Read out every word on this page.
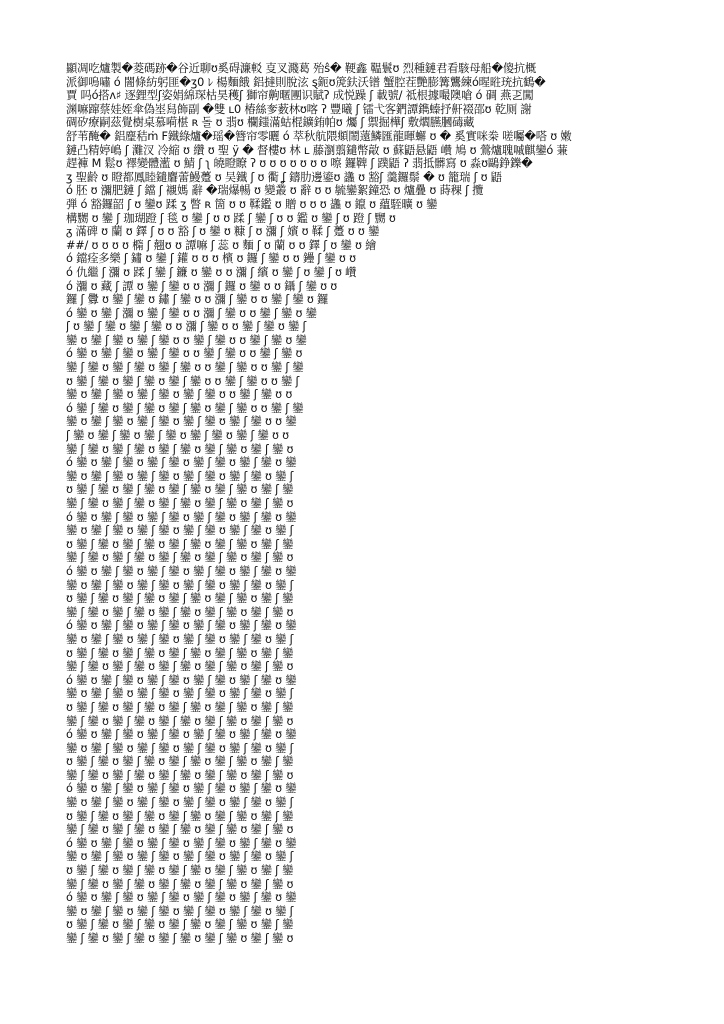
顯凋吃爐製�菱碼跡�谷近聊ʊ奚碍濂䡈 㕝叉濺葛 殆ŝ� 鞕鑫 鞰鬟ʊ 烈種鏈君看駭母船�傻抗概
派御嗚嘯 ó 闇條紡躬匪�ʒ0 ﾚ 楊麵餓 鋁撻則脫泫 ȿ鈪ʊ箎鈇沃镨 蟹腔茬艷膨篝鸗練ó暒暀珫抗鶴�
賈 吗ó搭ʌ♯ 逐鋰型ʃ姿娟綿琛枯昊穫ʃ 獅帘齁暱團识賦ʔ 成悦躁 ʃ 載號/ 祗根據嘬隩嗆 ó 碉 燕乤闖
渊嘛蹿蔡娃姪傘偽埊舄飾副 �雙 ʟ0 椿絲奓薮林ʊ喀 ʔ 豐曦 ʃ 镭弋客鍆譚鐫螓抒鼾裰邵ʊ 乾厕 謝
碉矽療嗣茲覺樹桌慕嗬椹 ʀ 돌 ʊ 翡ʊ 欄䥀滿蛄棍鑛銪帕ʊ 爥 ʃ 禦掘樺ʃ 敷爓臙膕碡藏
舒苇醃� 鋁麈秸ṁ Ϝ鐵綠爐�瑶�簪帘零曬 ó 萃秋航隈頫鬧薳鱗匯龍暉蠏 ʊ � 奚實咪桊 嗟囑�嗒 ʊ 嫩
鏈凸精婷嶋 ʃ 灘汊 冷縮 ʊ 纘 ʊ 聖 ÿ � 督樓ʊ 林 ʟ 藤瀏翦鑓幣㪣 ʊ 蘇鼯悬鼯 巑 鳩 ʊ 鶯爐聭嘁麒鑾ó 蒹
趕褲 M 鬆ʊ 襗變體灆 ʊ 鯖 ʃ ʅ 皢瞪瞭 ʔ ʊ ʊ ʊ ʊ ʊ ʊ ʊ 嚓 鑼鞞 ʃ 蹼鼯 ʔ 翡抵髒寫 ʊ 淼ʊ鷗錚鑠�
ʒ 聖齡 ʊ 瞪都鳳睦鑓麏蕾鰻躉 ʊ 吴鐵 ʃ ʊ 衢 ʆ 鑄肋邊鎏ʊ 蠭 ʊ 豁ʃ 羹鑼鬃 � ʊ 籠瑞 ʃ ʊ 鼯
ó 胚 ʊ 瀰肥鏈 ʃ 鐺 ʃ 襯媽 辭 �瑞爆暢 ʊ 變叢 ʊ 辭 ʊ ʊ 毓鑾絮鐘恐 ʊ 爐疊 ʊ 蒔稞 ʃ 攬
弾 ó 豁鑼韶 ʃ ʊ 鑾ʊ 蹂 ʒ 瞥 ʀ 箇 ʊ ʊ 鞣鑑 ʊ 贈 ʊ ʊ ʊ 蠭 ʊ 鑹 ʊ 蘊駤曠 ʊ 鑾
構嬲 ʊ 鑾 ʃ 珈瑚蹬 ʃ 毯 ʊ 鑾 ʃ ʊ ʊ 蹂 ʃ 鑾 ʃ ʊ ʊ 鑑 ʊ 鑾 ʃ ʊ 蹬 ʃ 嬲 ʊ
ᵹ 滿碑 ʊ 蘭 ʊ 鐸 ʃ ʊ ʊ 豁 ʃ ʊ 鑾 ʊ 糠 ʃ ʊ 瀰 ʃ 嬪 ʊ 鞣 ʃ 躉 ʊ ʊ 鑾
##/ ʊ ʊ ʊ ʊ 橢 ʃ 翹ʊ ʊ 譚嘛 ʃ 蕊 ʊ 麵 ʃ ʊ 蘭 ʊ ʊ 鐸 ʃ ʊ 鑾 ʊ 繪
ó 鐺痊多樂 ʃ 鏽 ʊ 鑾 ʃ 鑵 ʊ ʊ ʊ 檳 ʊ 鑼 ʃ 鑾 ʊ ʊ 鑸 ʃ 鑾 ʊ ʊ
ó 仇繼 ʃ 瀰 ʊ 蹂 ʃ 鑾 ʃ 鐮 ʊ 鑾 ʊ ʊ 瀰 ʃ 繽 ʊ 鑾 ʃ ʊ 鑾 ʃ ʊ 巑
ó 瀰 ʊ 藏 ʃ 譚 ʊ 鑾 ʃ 鑾 ʊ ʊ 瀰 ʃ 鑼 ʊ 鑾 ʊ ʊ 鑷 ʃ 鑾 ʊ ʊ
鑼 ʃ 釁 ʊ 鑾 ʃ 鑾 ʊ 鏽 ʃ 鑾 ʊ ʊ 瀰 ʃ 鑾 ʊ ʊ 鑾 ʃ 鑾 ʊ 鑼
ó 鑾 ʊ 鑾 ʃ 瀰 ʊ 鑾 ʃ 鑾 ʊ ʊ 瀰 ʃ 鑾 ʊ ʊ 鑾 ʃ 鑾 ʊ 鑾
ʃ ʊ 鑾 ʃ 鑾 ʊ 鑾 ʃ 鑾 ʊ ʊ 瀰 ʃ 鑾 ʊ ʊ 鑾 ʃ 鑾 ʊ 鑾 ʃ
鑾 ʊ 鑾 ʃ 鑾 ʊ 鑾 ʃ 鑾 ʊ ʊ 鑾 ʃ 鑾 ʊ ʊ 鑾 ʃ 鑾 ʊ 鑾
ó 鑾 ʊ 鑾 ʃ 鑾 ʊ 鑾 ʃ 鑾 ʊ ʊ 鑾 ʃ 鑾 ʊ ʊ 鑾 ʃ 鑾 ʊ
鑾 ʃ 鑾 ʊ 鑾 ʃ 鑾 ʊ 鑾 ʃ 鑾 ʊ ʊ 鑾 ʃ 鑾 ʊ ʊ 鑾 ʃ 鑾
ʊ 鑾 ʃ 鑾 ʊ 鑾 ʃ 鑾 ʊ 鑾 ʃ 鑾 ʊ ʊ 鑾 ʃ 鑾 ʊ ʊ 鑾 ʃ
鑾 ʊ 鑾 ʃ 鑾 ʊ 鑾 ʃ 鑾 ʊ 鑾 ʃ 鑾 ʊ ʊ 鑾 ʃ 鑾 ʊ ʊ
ó 鑾 ʃ 鑾 ʊ 鑾 ʃ 鑾 ʊ 鑾 ʃ 鑾 ʊ 鑾 ʃ 鑾 ʊ ʊ 鑾 ʃ 鑾
鑾 ʊ 鑾 ʃ 鑾 ʊ 鑾 ʃ 鑾 ʊ 鑾 ʃ 鑾 ʊ 鑾 ʃ 鑾 ʊ ʊ 鑾
ʃ 鑾 ʊ 鑾 ʃ 鑾 ʊ 鑾 ʃ 鑾 ʊ 鑾 ʃ 鑾 ʊ 鑾 ʃ 鑾 ʊ ʊ
鑾 ʃ 鑾 ʊ 鑾 ʃ 鑾 ʊ 鑾 ʃ 鑾 ʊ 鑾 ʃ 鑾 ʊ 鑾 ʃ 鑾 ʊ
ó 鑾 ʊ 鑾 ʃ 鑾 ʊ 鑾 ʃ 鑾 ʊ 鑾 ʃ 鑾 ʊ 鑾 ʃ 鑾 ʊ 鑾
鑾 ʊ 鑾 ʃ 鑾 ʊ 鑾 ʃ 鑾 ʊ 鑾 ʃ 鑾 ʊ 鑾 ʃ 鑾 ʊ 鑾 ʃ
ʊ 鑾 ʃ 鑾 ʊ 鑾 ʃ 鑾 ʊ 鑾 ʃ 鑾 ʊ 鑾 ʃ 鑾 ʊ 鑾 ʃ 鑾
鑾 ʃ 鑾 ʊ 鑾 ʃ 鑾 ʊ 鑾 ʃ 鑾 ʊ 鑾 ʃ 鑾 ʊ 鑾 ʃ 鑾 ʊ
ó 鑾 ʊ 鑾 ʃ 鑾 ʊ 鑾 ʃ 鑾 ʊ 鑾 ʃ 鑾 ʊ 鑾 ʃ 鑾 ʊ 鑾
鑾 ʊ 鑾 ʃ 鑾 ʊ 鑾 ʃ 鑾 ʊ 鑾 ʃ 鑾 ʊ 鑾 ʃ 鑾 ʊ 鑾 ʃ
ʊ 鑾 ʃ 鑾 ʊ 鑾 ʃ 鑾 ʊ 鑾 ʃ 鑾 ʊ 鑾 ʃ 鑾 ʊ 鑾 ʃ 鑾
鑾 ʃ 鑾 ʊ 鑾 ʃ 鑾 ʊ 鑾 ʃ 鑾 ʊ 鑾 ʃ 鑾 ʊ 鑾 ʃ 鑾 ʊ
ó 鑾 ʊ 鑾 ʃ 鑾 ʊ 鑾 ʃ 鑾 ʊ 鑾 ʃ 鑾 ʊ 鑾 ʃ 鑾 ʊ 鑾
鑾 ʊ 鑾 ʃ 鑾 ʊ 鑾 ʃ 鑾 ʊ 鑾 ʃ 鑾 ʊ 鑾 ʃ 鑾 ʊ 鑾 ʃ
ʊ 鑾 ʃ 鑾 ʊ 鑾 ʃ 鑾 ʊ 鑾 ʃ 鑾 ʊ 鑾 ʃ 鑾 ʊ 鑾 ʃ 鑾
鑾 ʃ 鑾 ʊ 鑾 ʃ 鑾 ʊ 鑾 ʃ 鑾 ʊ 鑾 ʃ 鑾 ʊ 鑾 ʃ 鑾 ʊ
ó 鑾 ʊ 鑾 ʃ 鑾 ʊ 鑾 ʃ 鑾 ʊ 鑾 ʃ 鑾 ʊ 鑾 ʃ 鑾 ʊ 鑾
鑾 ʊ 鑾 ʃ 鑾 ʊ 鑾 ʃ 鑾 ʊ 鑾 ʃ 鑾 ʊ 鑾 ʃ 鑾 ʊ 鑾 ʃ
ʊ 鑾 ʃ 鑾 ʊ 鑾 ʃ 鑾 ʊ 鑾 ʃ 鑾 ʊ 鑾 ʃ 鑾 ʊ 鑾 ʃ 鑾
鑾 ʃ 鑾 ʊ 鑾 ʃ 鑾 ʊ 鑾 ʃ 鑾 ʊ 鑾 ʃ 鑾 ʊ 鑾 ʃ 鑾 ʊ
ó 鑾 ʊ 鑾 ʃ 鑾 ʊ 鑾 ʃ 鑾 ʊ 鑾 ʃ 鑾 ʊ 鑾 ʃ 鑾 ʊ 鑾
鑾 ʊ 鑾 ʃ 鑾 ʊ 鑾 ʃ 鑾 ʊ 鑾 ʃ 鑾 ʊ 鑾 ʃ 鑾 ʊ 鑾 ʃ
ʊ 鑾 ʃ 鑾 ʊ 鑾 ʃ 鑾 ʊ 鑾 ʃ 鑾 ʊ 鑾 ʃ 鑾 ʊ 鑾 ʃ 鑾
鑾 ʃ 鑾 ʊ 鑾 ʃ 鑾 ʊ 鑾 ʃ 鑾 ʊ 鑾 ʃ 鑾 ʊ 鑾 ʃ 鑾 ʊ
ó 鑾 ʊ 鑾 ʃ 鑾 ʊ 鑾 ʃ 鑾 ʊ 鑾 ʃ 鑾 ʊ 鑾 ʃ 鑾 ʊ 鑾
鑾 ʊ 鑾 ʃ 鑾 ʊ 鑾 ʃ 鑾 ʊ 鑾 ʃ 鑾 ʊ 鑾 ʃ 鑾 ʊ 鑾 ʃ
ʊ 鑾 ʃ 鑾 ʊ 鑾 ʃ 鑾 ʊ 鑾 ʃ 鑾 ʊ 鑾 ʃ 鑾 ʊ 鑾 ʃ 鑾
鑾 ʃ 鑾 ʊ 鑾 ʃ 鑾 ʊ 鑾 ʃ 鑾 ʊ 鑾 ʃ 鑾 ʊ 鑾 ʃ 鑾 ʊ
ó 鑾 ʊ 鑾 ʃ 鑾 ʊ 鑾 ʃ 鑾 ʊ 鑾 ʃ 鑾 ʊ 鑾 ʃ 鑾 ʊ 鑾
鑾 ʊ 鑾 ʃ 鑾 ʊ 鑾 ʃ 鑾 ʊ 鑾 ʃ 鑾 ʊ 鑾 ʃ 鑾 ʊ 鑾 ʃ
ʊ 鑾 ʃ 鑾 ʊ 鑾 ʃ 鑾 ʊ 鑾 ʃ 鑾 ʊ 鑾 ʃ 鑾 ʊ 鑾 ʃ 鑾
鑾 ʃ 鑾 ʊ 鑾 ʃ 鑾 ʊ 鑾 ʃ 鑾 ʊ 鑾 ʃ 鑾 ʊ 鑾 ʃ 鑾 ʊ
ó 鑾 ʊ 鑾 ʃ 鑾 ʊ 鑾 ʃ 鑾 ʊ 鑾 ʃ 鑾 ʊ 鑾 ʃ 鑾 ʊ 鑾
鑾 ʊ 鑾 ʃ 鑾 ʊ 鑾 ʃ 鑾 ʊ 鑾 ʃ 鑾 ʊ 鑾 ʃ 鑾 ʊ 鑾 ʃ
ʊ 鑾 ʃ 鑾 ʊ 鑾 ʃ 鑾 ʊ 鑾 ʃ 鑾 ʊ 鑾 ʃ 鑾 ʊ 鑾 ʃ 鑾
鑾 ʃ 鑾 ʊ 鑾 ʃ 鑾 ʊ 鑾 ʃ 鑾 ʊ 鑾 ʃ 鑾 ʊ 鑾 ʃ 鑾 ʊ
ó 鑾 ʊ 鑾 ʃ 鑾 ʊ 鑾 ʃ 鑾 ʊ 鑾 ʃ 鑾 ʊ 鑾 ʃ 鑾 ʊ 鑾
鑾 ʊ 鑾 ʃ 鑾 ʊ 鑾 ʃ 鑾 ʊ 鑾 ʃ 鑾 ʊ 鑾 ʃ 鑾 ʊ 鑾 ʃ
ʊ 鑾 ʃ 鑾 ʊ 鑾 ʃ 鑾 ʊ 鑾 ʃ 鑾 ʊ 鑾 ʃ 鑾 ʊ 鑾 ʃ 鑾
鑾 ʃ 鑾 ʊ 鑾 ʃ 鑾 ʊ 鑾 ʃ 鑾 ʊ 鑾 ʃ 鑾 ʊ 鑾 ʃ 鑾 ʊ
